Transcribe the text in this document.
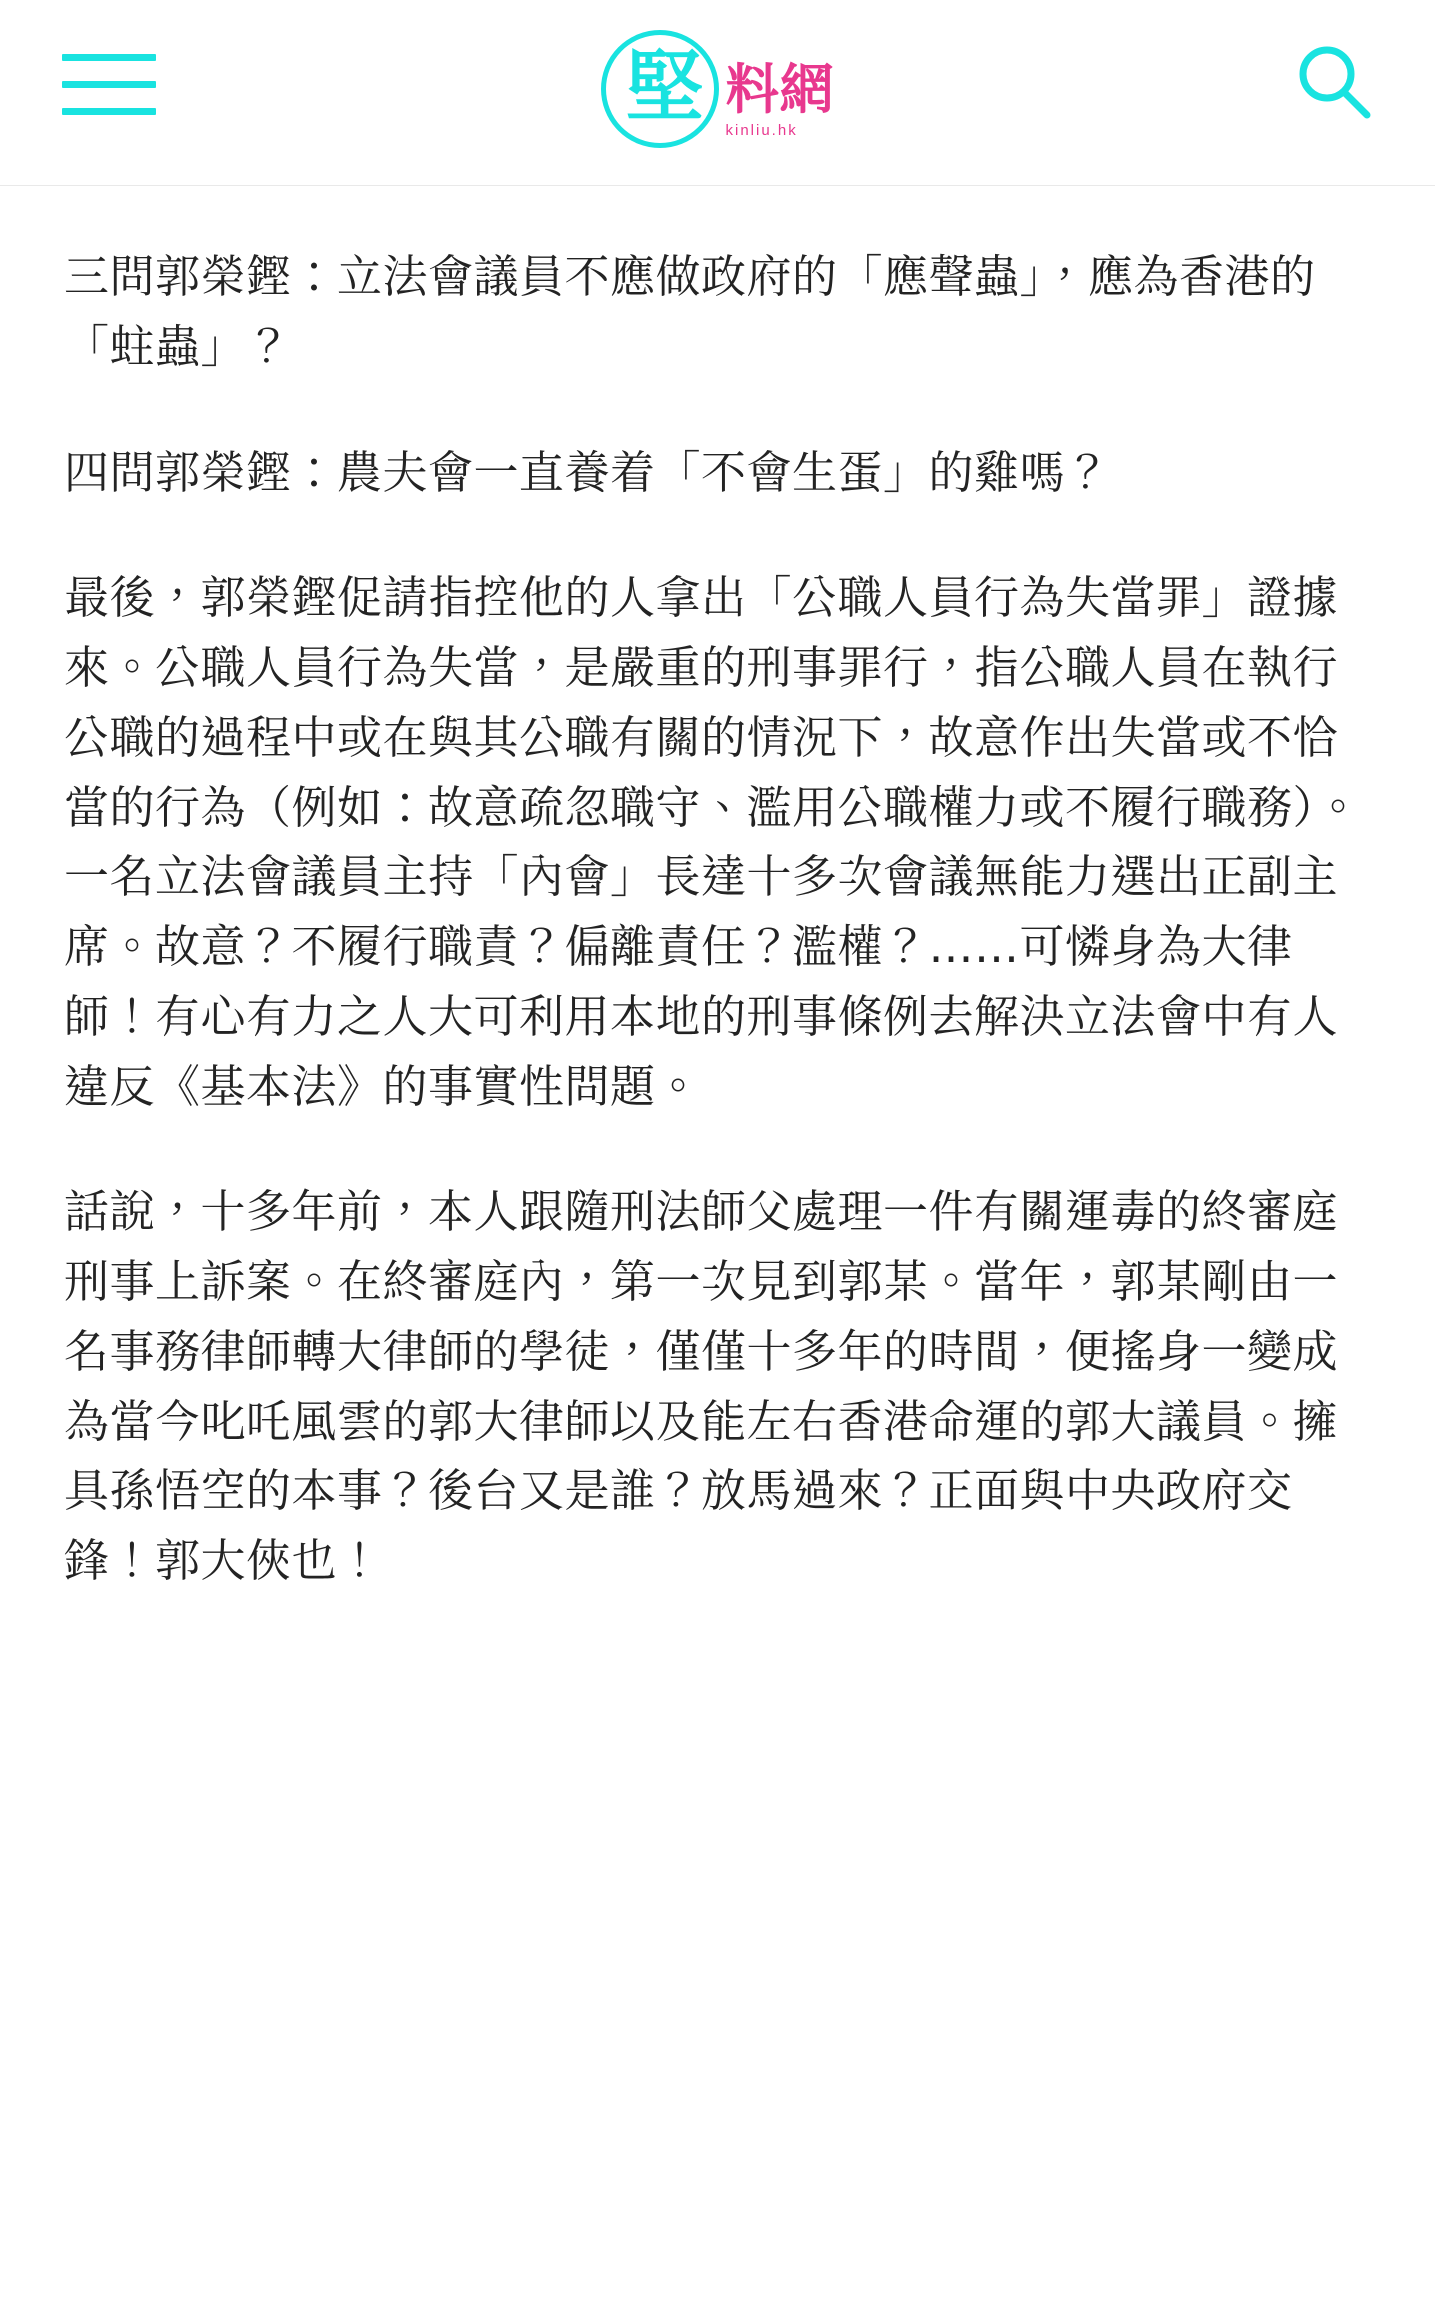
堅 料網
kinliu.hk

三問郭榮鏗：立法會議員不應做政府的「應聲蟲」，應為香港的「蛀蟲」？

四問郭榮鏗：農夫會一直養着「不會生蛋」的雞嗎？

最後，郭榮鏗促請指控他的人拿出「公職人員行為失當罪」證據來。公職人員行為失當，是嚴重的刑事罪行，指公職人員在執行公職的過程中或在與其公職有關的情況下，故意作出失當或不恰當的行為（例如：故意疏忽職守、濫用公職權力或不履行職務）。一名立法會議員主持「內會」長達十多次會議無能力選出正副主席。故意？不履行職責？偏離責任？濫權？……可憐身為大律師！有心有力之人大可利用本地的刑事條例去解決立法會中有人違反《基本法》的事實性問題。

話說，十多年前，本人跟隨刑法師父處理一件有關運毒的終審庭刑事上訴案。在終審庭內，第一次見到郭某。當年，郭某剛由一名事務律師轉大律師的學徒，僅僅十多年的時間，便搖身一變成為當今叱吒風雲的郭大律師以及能左右香港命運的郭大議員。擁具孫悟空的本事？後台又是誰？放馬過來？正面與中央政府交鋒！郭大俠也！
